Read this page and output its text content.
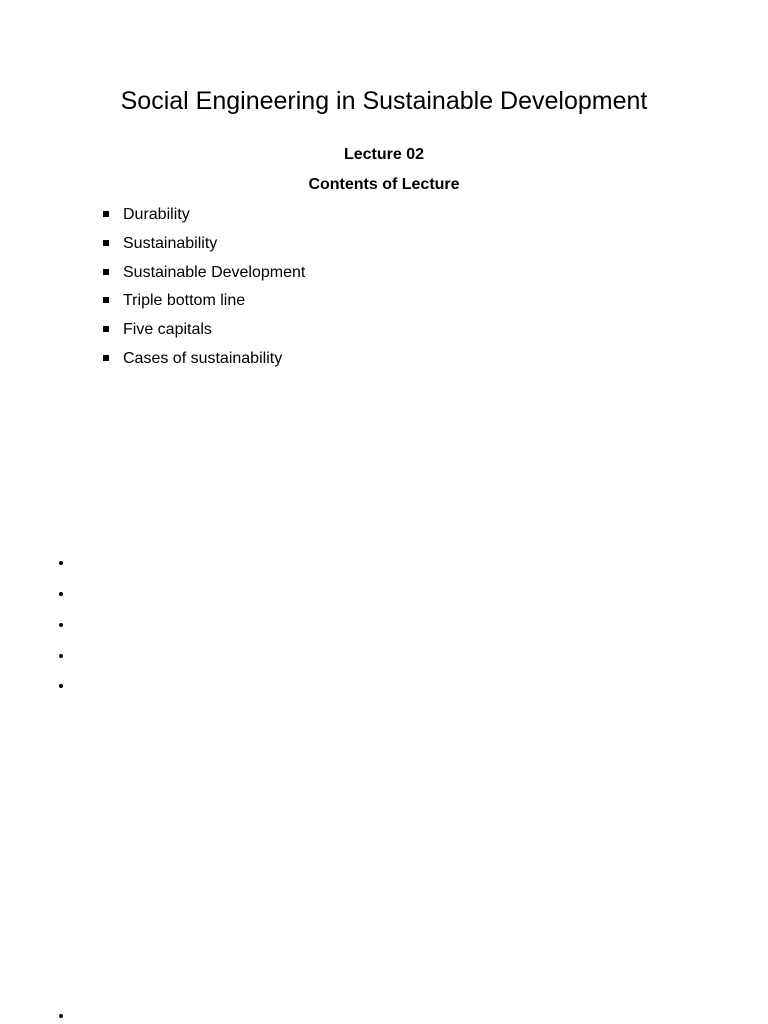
Social Engineering in Sustainable Development
Lecture 02
Contents of Lecture
Durability
Sustainability
Sustainable Development
Triple bottom line
Five capitals
Cases of sustainability
